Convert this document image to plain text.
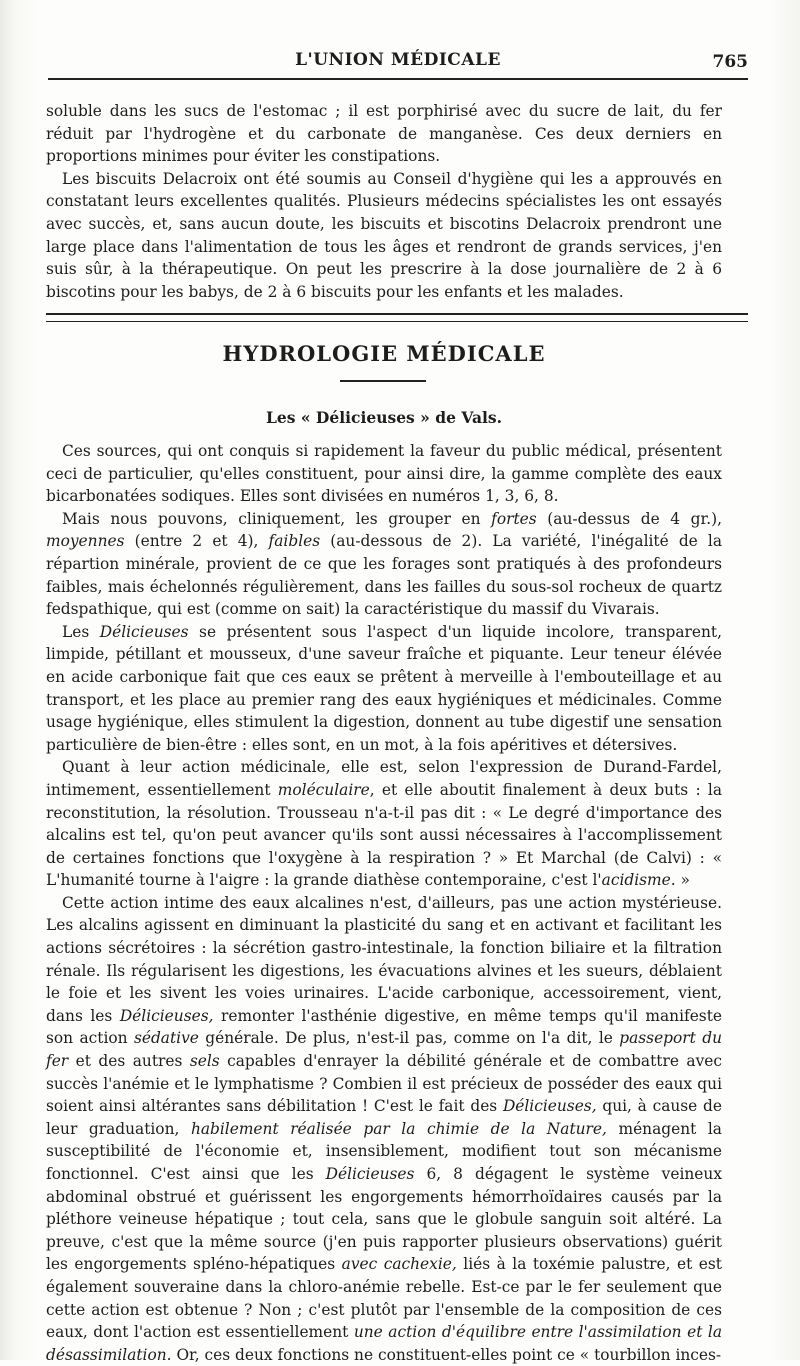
L'UNION MÉDICALE	765

soluble dans les sucs de l'estomac ; il est porphirisé avec du sucre de lait, du fer réduit par l'hydrogène et du carbonate de manganèse. Ces deux derniers en proportions minimes pour éviter les constipations.

Les biscuits Delacroix ont été soumis au Conseil d'hygiène qui les a approuvés en constatant leurs excellentes qualités. Plusieurs médecins spécialistes les ont essayés avec succès, et, sans aucun doute, les biscuits et biscotins Delacroix prendront une large place dans l'alimentation de tous les âges et rendront de grands services, j'en suis sûr, à la thérapeutique. On peut les prescrire à la dose journalière de 2 à 6 biscotins pour les babys, de 2 à 6 biscuits pour les enfants et les malades.

HYDROLOGIE MÉDICALE
Les « Délicieuses » de Vals.

Ces sources, qui ont conquis si rapidement la faveur du public médical, présentent ceci de particulier, qu'elles constituent, pour ainsi dire, la gamme complète des eaux bicarbonatées sodiques. Elles sont divisées en numéros 1, 3, 6, 8.

Mais nous pouvons, cliniquement, les grouper en fortes (au-dessus de 4 gr.), moyennes (entre 2 et 4), faibles (au-dessous de 2). La variété, l'inégalité de la répartion minérale, provient de ce que les forages sont pratiqués à des profondeurs faibles, mais échelonnés régulièrement, dans les failles du sous-sol rocheux de quartz fedspathique, qui est (comme on sait) la caractéristique du massif du Vivarais.

Les Délicieuses se présentent sous l'aspect d'un liquide incolore, transparent, limpide, pétillant et mousseux, d'une saveur fraîche et piquante. Leur teneur élévée en acide carbonique fait que ces eaux se prêtent à merveille à l'embouteillage et au transport, et les place au premier rang des eaux hygiéniques et médicinales. Comme usage hygiénique, elles stimulent la digestion, donnent au tube digestif une sensation particulière de bien-être : elles sont, en un mot, à la fois apéritives et détersives.

Quant à leur action médicinale, elle est, selon l'expression de Durand-Fardel, intimement, essentiellement moléculaire, et elle aboutit finalement à deux buts : la reconstitution, la résolution. Trousseau n'a-t-il pas dit : « Le degré d'importance des alcalins est tel, qu'on peut avancer qu'ils sont aussi nécessaires à l'accomplissement de certaines fonctions que l'oxygène à la respiration ? » Et Marchal (de Calvi) : « L'humanité tourne à l'aigre : la grande diathèse contemporaine, c'est l'acidisme. »

Cette action intime des eaux alcalines n'est, d'ailleurs, pas une action mystérieuse. Les alcalins agissent en diminuant la plasticité du sang et en activant et facilitant les actions sécrétoires : la sécrétion gastro-intestinale, la fonction biliaire et la filtration rénale. Ils régularisent les digestions, les évacuations alvines et les sueurs, déblaient le foie et les sivent les voies urinaires. L'acide carbonique, accessoirement, vient, dans les Délicieuses, remonter l'asthénie digestive, en même temps qu'il manifeste son action sédative générale. De plus, n'est-il pas, comme on l'a dit, le passeport du fer et des autres sels capables d'enrayer la débilité générale et de combattre avec succès l'anémie et le lymphatisme ? Combien il est précieux de posséder des eaux qui soient ainsi altérantes sans débilitation ! C'est le fait des Délicieuses, qui, à cause de leur graduation, habilement réalisée par la chimie de la Nature, ménagent la susceptibilité de l'économie et, insensiblement, modifient tout son mécanisme fonctionnel. C'est ainsi que les Délicieuses 6, 8 dégagent le système veineux abdominal obstrué et guérissent les engorgements hémorrhoïdaires causés par la pléthore veineuse hépatique ; tout cela, sans que le globule sanguin soit altéré. La preuve, c'est que la même source (j'en puis rapporter plusieurs observations) guérit les engorgements spléno-hépatiques avec cachexie, liés à la toxémie palustre, et est également souveraine dans la chloro-anémie rebelle. Est-ce par le fer seulement que cette action est obtenue ? Non ; c'est plutôt par l'ensemble de la composition de ces eaux, dont l'action est essentiellement une action d'équilibre entre l'assimilation et la désassimilation. Or, ces deux fonctions ne constituent-elles point ce « tourbillon inces-
